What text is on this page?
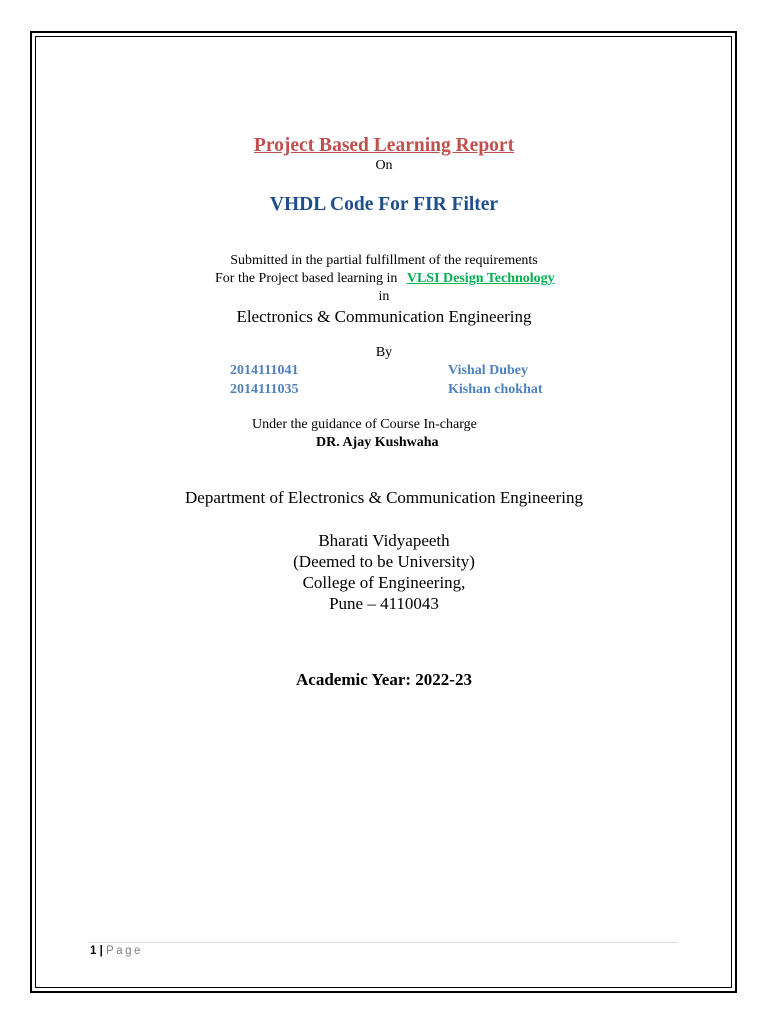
Project Based Learning Report
On
VHDL Code For FIR Filter
Submitted in the partial fulfillment of the requirements
For the Project based learning in VLSI Design Technology
in
Electronics & Communication Engineering
By
2014111041	Vishal Dubey
2014111035	Kishan chokhat
Under the guidance of Course In-charge
DR. Ajay Kushwaha
Department of Electronics & Communication Engineering
Bharati Vidyapeeth
(Deemed to be University)
College of Engineering,
Pune – 4110043
Academic Year: 2022-23
1 | Page
